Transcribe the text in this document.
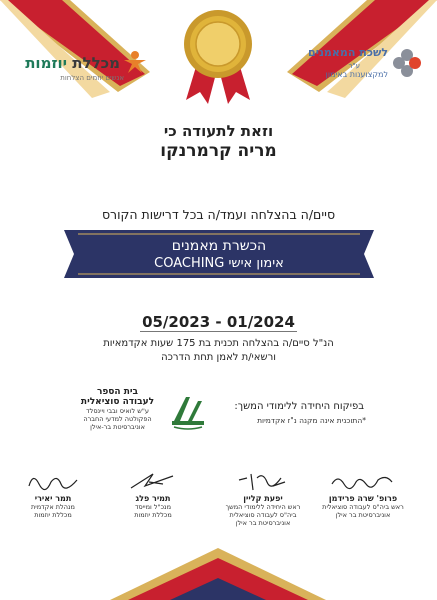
מכללת יוזמות
אנשים יוזמים הצלחות
לשכת המאמנים
ע"ר
למקצוענות באימון
וזאת לתעודה כי
מריה קרמרנקו
סיים/ה בהצלחה ועמד/ה בכל דרישות הקורס
הכשרת מאמנים
אימון אישי COACHING
05/2023 - 01/2024
הנ"ל סיים/ה בהצלחה תכנית בת 175 שעות אקדמאיות
ורשאי/ת לאמן תחת הדרכה
בפיקוח היחידה ללימודי המשך:
*התוכנית אינה מקנה נ"ז אקדמיות
בית הספר
לעבודה סוציאלית
ע"ש לואיס ובבי ויינסלד
הפקולטה למדעי החברה
אוניברסיטת בר-אילן
תמר יאירי
מנהלת אקדמית
מכללת יוזמות
תמיר פלג
מנכ"ל ומייסד
מכללת יוזמות
יפעת קליין
ראש היחידה ללימודי המשך
ביה"ס לעבודה סוציאלית
אוניברסיטת בר אילן
פרופ' שרה פרידמן
ראש ביה"ס לעבודה סוציאלית
אוניברסיטת בר אילן
